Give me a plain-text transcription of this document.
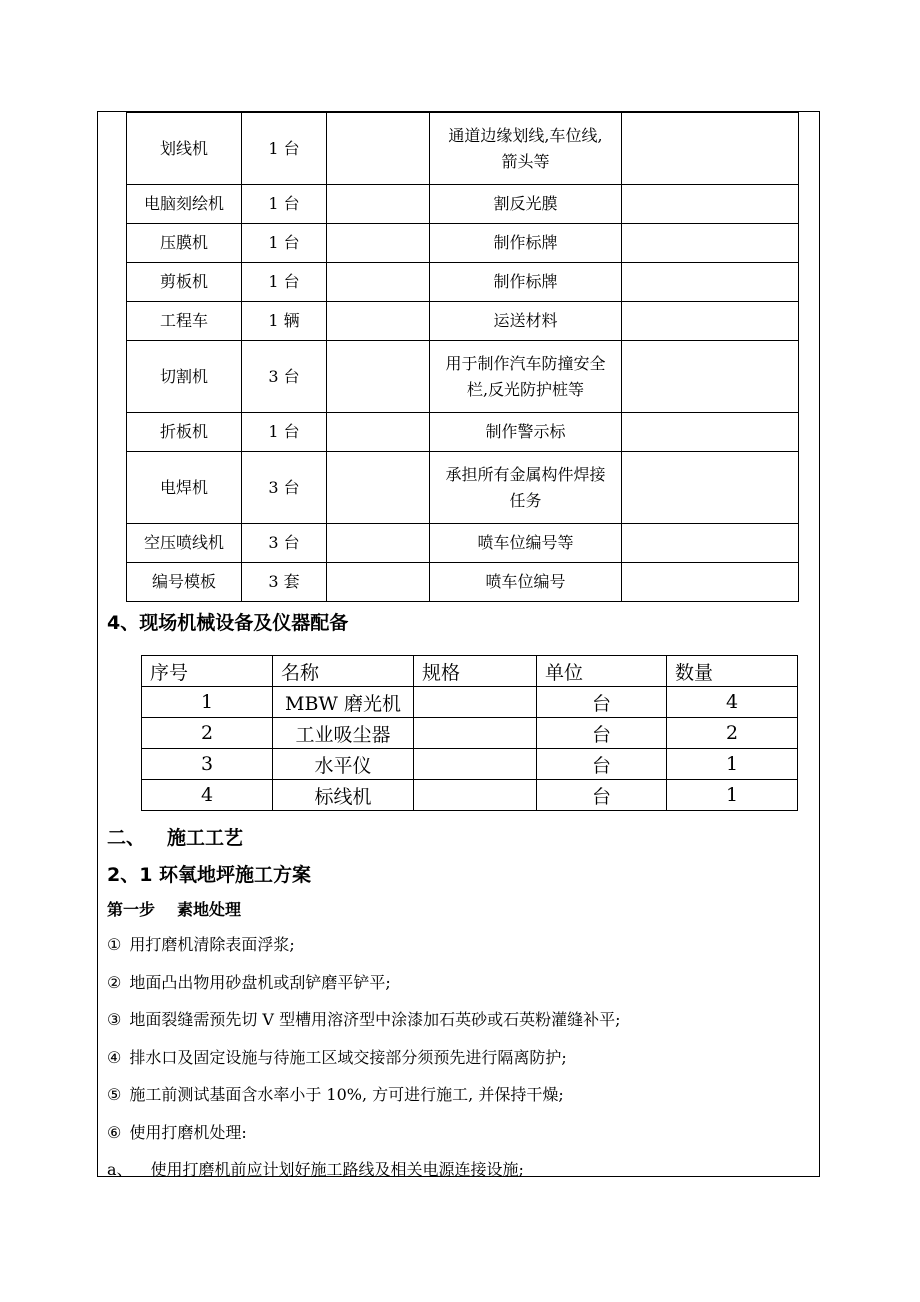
划线机	1 台		通道边缘划线,车位线,
箭头等	

电脑刻绘机	1 台		割反光膜	

压膜机	1 台		制作标牌	

剪板机	1 台		制作标牌	

工程车	1 辆		运送材料	

切割机	3 台		用于制作汽车防撞安全
栏,反光防护桩等	

折板机	1 台		制作警示标	

电焊机	3 台		承担所有金属构件焊接
任务	

空压喷线机	3 台		喷车位编号等	

编号模板	3 套		喷车位编号	

4、现场机械设备及仪器配备
序号	名称	规格	单位	数量
1	MBW 磨光机		台	4
2	工业吸尘器		台	2
3	水平仪		台	1
4	标线机		台	1
二、 施工工艺
2、1 环氧地坪施工方案
第一步 素地处理
① 用打磨机清除表面浮浆;
② 地面凸出物用砂盘机或刮铲磨平铲平;
③ 地面裂缝需预先切 V 型槽用溶济型中涂漆加石英砂或石英粉灌缝补平;
④ 排水口及固定设施与待施工区域交接部分须预先进行隔离防护;
⑤ 施工前测试基面含水率小于 10%, 方可进行施工, 并保持干燥;
⑥ 使用打磨机处理:
a、 使用打磨机前应计划好施工路线及相关电源连接设施;
